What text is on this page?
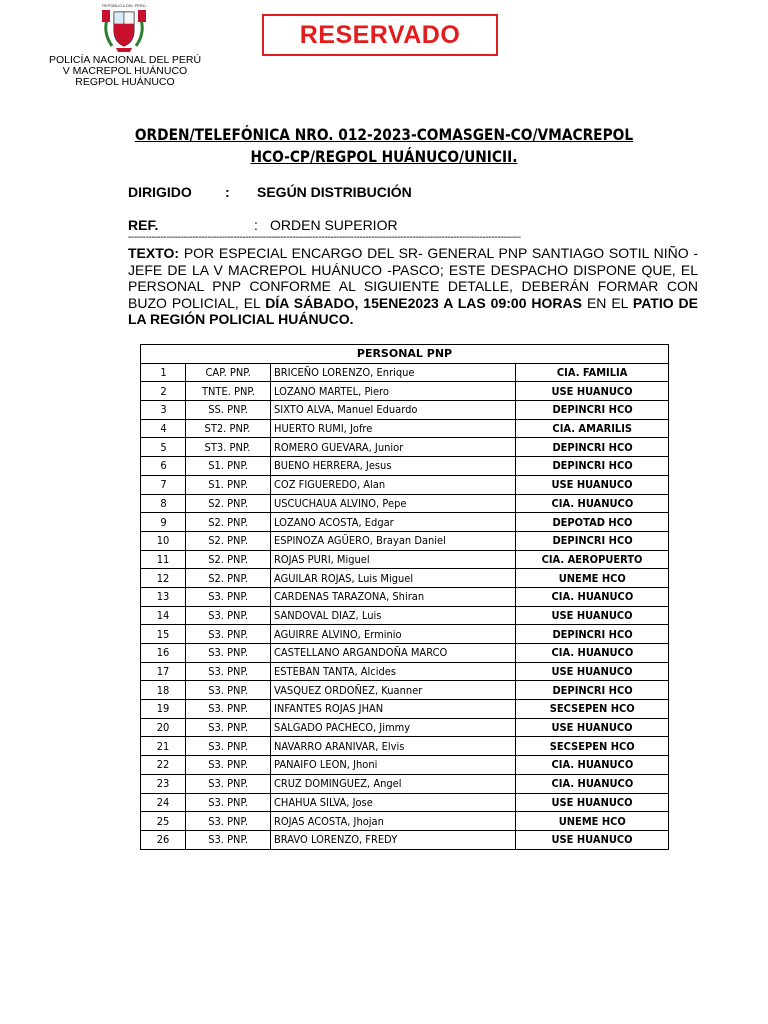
REPÚBLICA DEL PERÚ
POLICÍA NACIONAL DEL PERÚ
V MACREPOL HUÁNUCO
REGPOL HUÁNUCO
RESERVADO
ORDEN/TELEFÓNICA NRO. 012-2023-COMASGEN-CO/VMACREPOL
HCO-CP/REGPOL HUÁNUCO/UNICII.
DIRIGIDO : SEGÚN DISTRIBUCIÓN
REF.	: ORDEN SUPERIOR
--------------------------------------------------------------------------------------------------------------------------------------
TEXTO: POR ESPECIAL ENCARGO DEL SR- GENERAL PNP SANTIAGO SOTIL NIÑO - JEFE DE LA V MACREPOL HUÁNUCO -PASCO; ESTE DESPACHO DISPONE QUE, EL PERSONAL PNP CONFORME AL SIGUIENTE DETALLE, DEBERÁN FORMAR CON BUZO POLICIAL, EL DÍA SÁBADO, 15ENE2023 A LAS 09:00 HORAS EN EL PATIO DE LA REGIÓN POLICIAL HUÁNUCO.
PERSONAL PNP			
1	CAP. PNP.	BRICEÑO LORENZO, Enrique	CIA. FAMILIA
2	TNTE. PNP.	LOZANO MARTEL, Piero	USE HUANUCO
3	SS. PNP.	SIXTO ALVA, Manuel Eduardo	DEPINCRI HCO
4	ST2. PNP.	HUERTO RUMI, Jofre	CIA. AMARILIS
5	ST3. PNP.	ROMERO GUEVARA, Junior	DEPINCRI HCO
6	S1. PNP.	BUENO HERRERA, Jesus	DEPINCRI HCO
7	S1. PNP.	COZ FIGUEREDO, Alan	USE HUANUCO
8	S2. PNP.	USCUCHAUA ALVINO, Pepe	CIA. HUANUCO
9	S2. PNP.	LOZANO ACOSTA, Edgar	DEPOTAD HCO
10	S2. PNP.	ESPINOZA AGÜERO, Brayan Daniel	DEPINCRI HCO
11	S2. PNP.	ROJAS PURI, Miguel	CIA. AEROPUERTO
12	S2. PNP.	AGUILAR ROJAS, Luis Miguel	UNEME HCO
13	S3. PNP.	CARDENAS TARAZONA, Shiran	CIA. HUANUCO
14	S3. PNP.	SANDOVAL DIAZ, Luis	USE HUANUCO
15	S3. PNP.	AGUIRRE ALVINO, Erminio	DEPINCRI HCO
16	S3. PNP.	CASTELLANO ARGANDOÑA MARCO	CIA. HUANUCO
17	S3. PNP.	ESTEBAN TANTA, Alcides	USE HUANUCO
18	S3. PNP.	VASQUEZ ORDOÑEZ, Kuanner	DEPINCRI HCO
19	S3. PNP.	INFANTES ROJAS JHAN	SECSEPEN HCO
20	S3. PNP.	SALGADO PACHECO, Jimmy	USE HUANUCO
21	S3. PNP.	NAVARRO ARANIVAR, Elvis	SECSEPEN HCO
22	S3. PNP.	PANAIFO LEON, Jhoni	CIA. HUANUCO
23	S3. PNP.	CRUZ DOMINGUEZ, Angel	CIA. HUANUCO
24	S3. PNP.	CHAHUA SILVA, Jose	USE HUANUCO
25	S3. PNP.	ROJAS ACOSTA, Jhojan	UNEME HCO
26	S3. PNP.	BRAVO LORENZO, FREDY	USE HUANUCO
